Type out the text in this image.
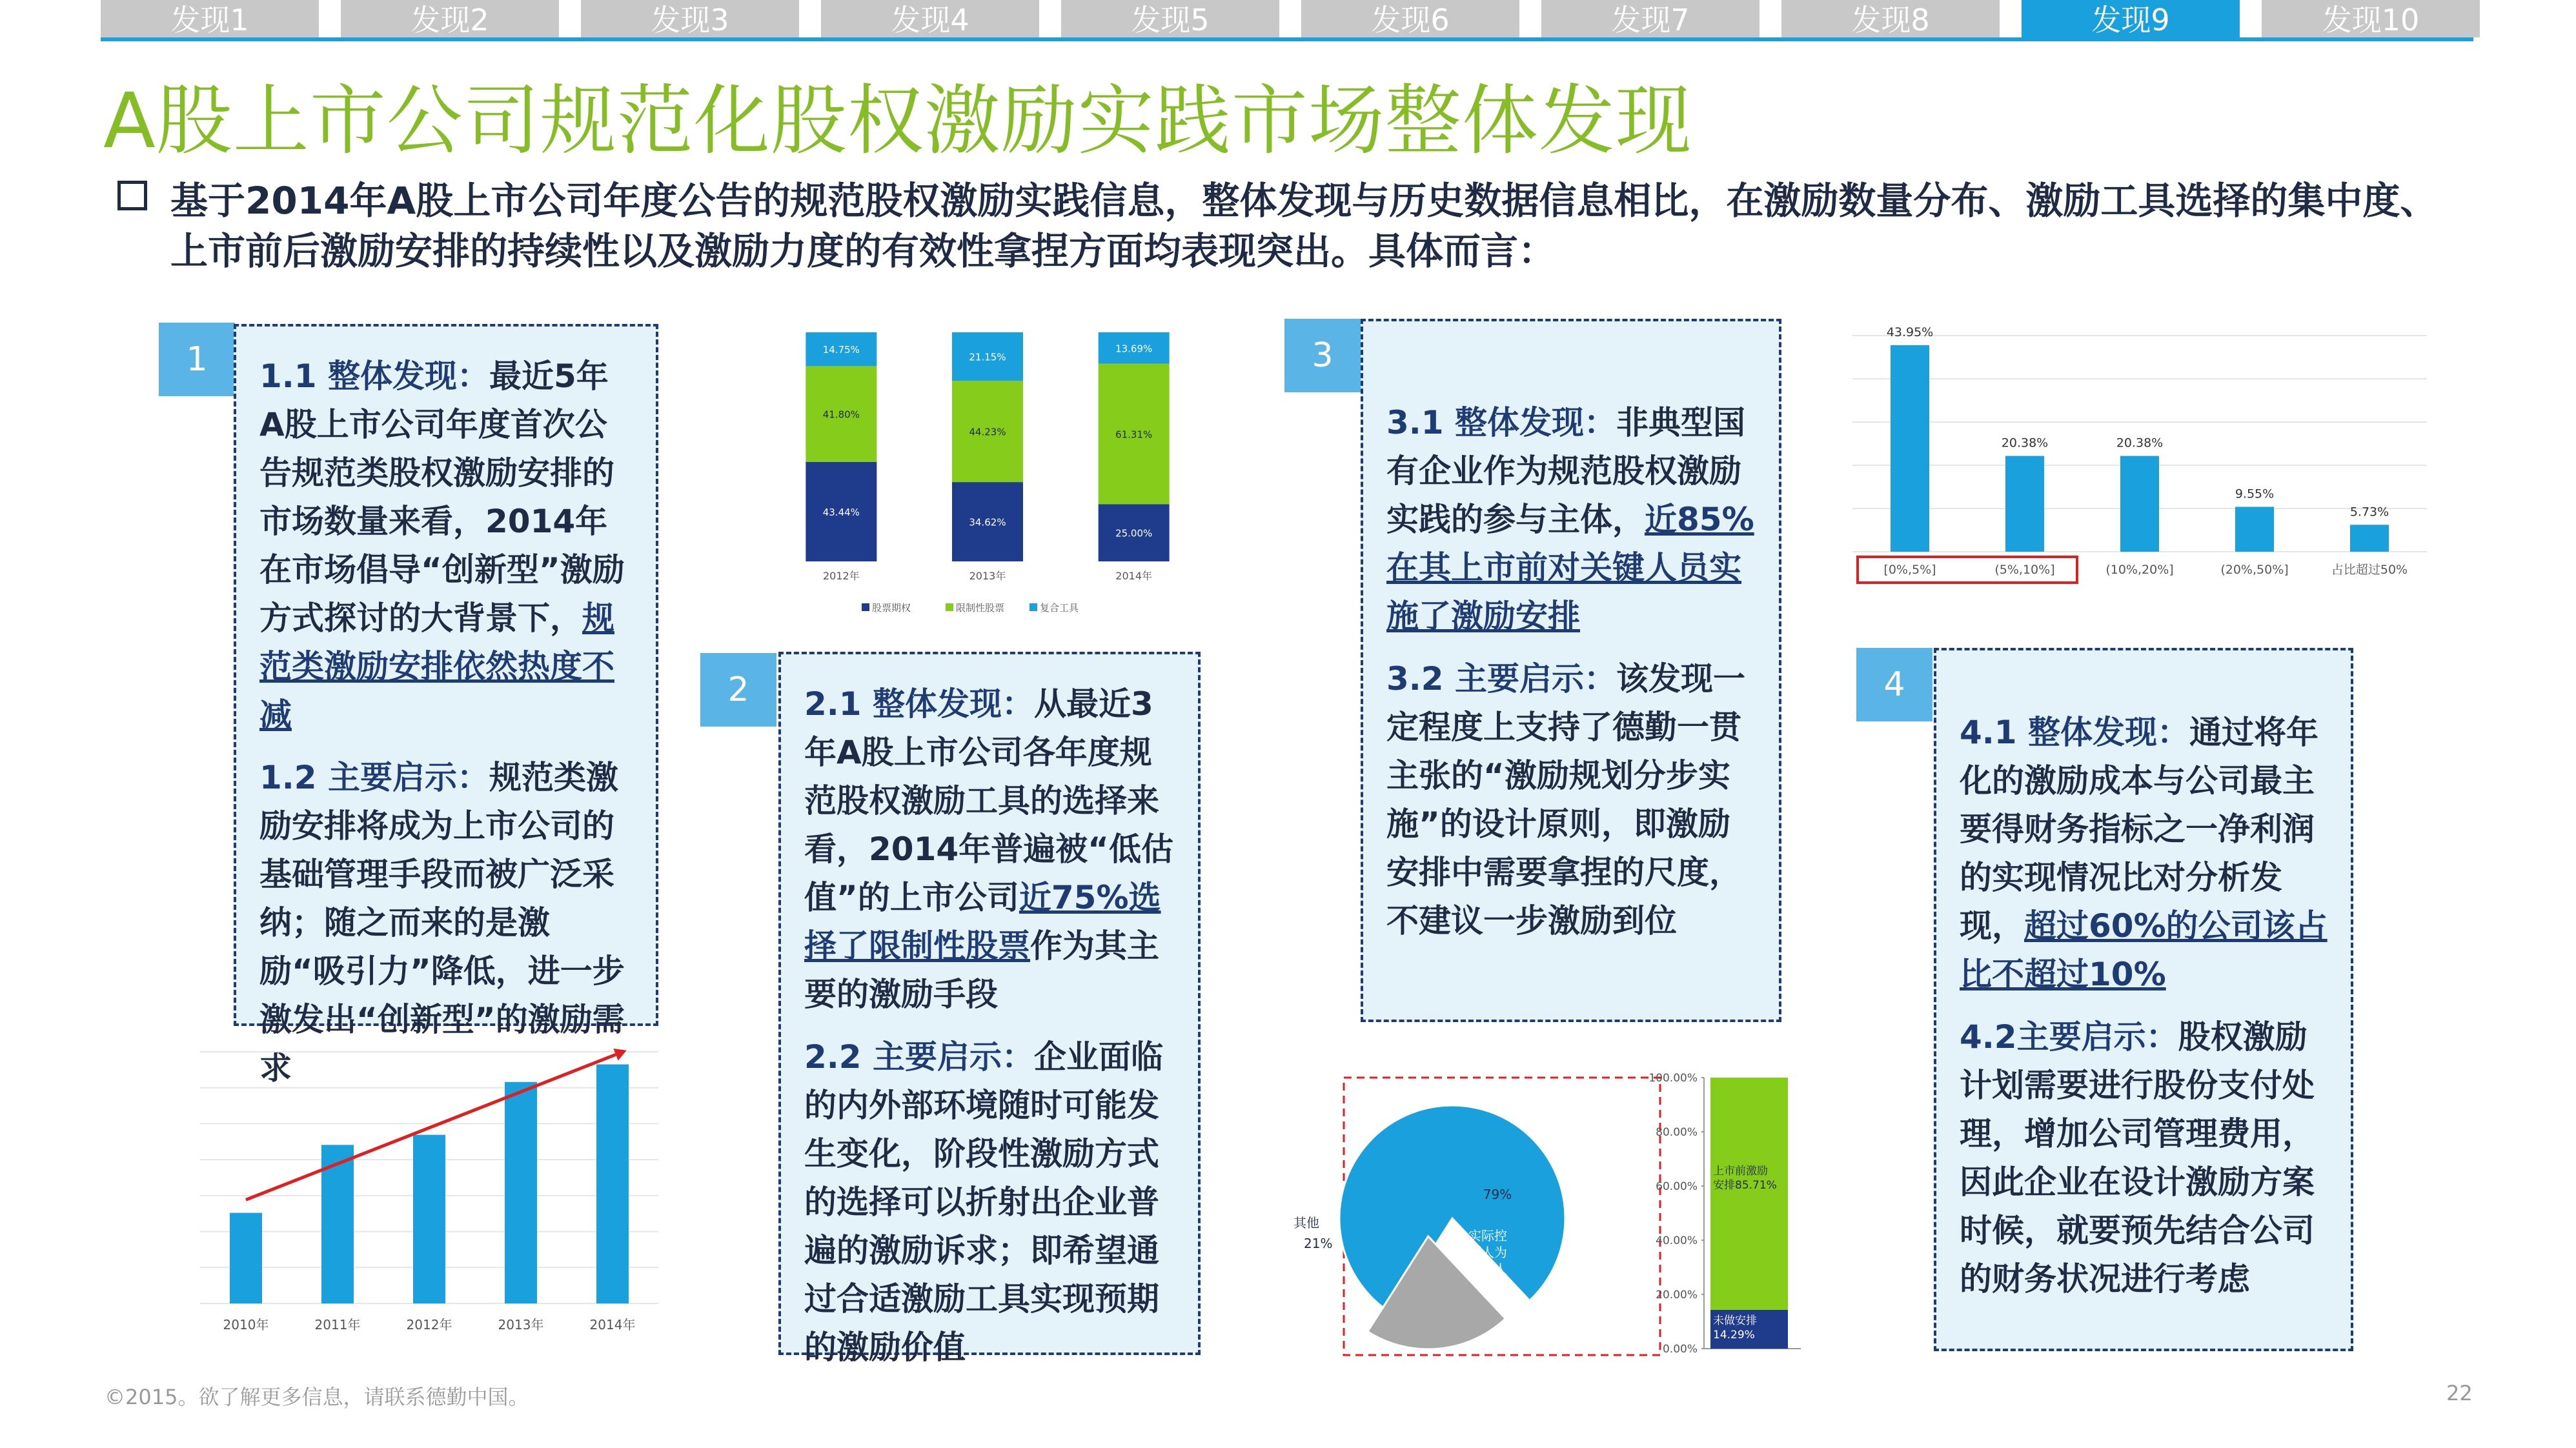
发现1	发现2	发现3	发现4	发现5	发现6	发现7	发现8	发现9	发现10
A股上市公司规范化股权激励实践市场整体发现
基于2014年A股上市公司年度公告的规范股权激励实践信息，整体发现与历史数据信息相比，在激励数量分布、激励工具选择的集中度、上市前后激励安排的持续性以及激励力度的有效性拿捏方面均表现突出。具体而言：
1	1.1 整体发现：最近5年A股上市公司年度首次公告规范类股权激励安排的市场数量来看，2014年在市场倡导“创新型”激励方式探讨的大背景下，规范类激励安排依然热度不减

1.2 主要启示：规范类激励安排将成为上市公司的基础管理手段而被广泛采纳；随之而来的是激励“吸引力”降低，进一步激发出“创新型”的激励需求

2	2.1 整体发现：从最近3年A股上市公司各年度规范股权激励工具的选择来看，2014年普遍被“低估值”的上市公司近75%选择了限制性股票作为其主要的激励手段

2.2 主要启示：企业面临的内外部环境随时可能发生变化，阶段性激励方式的选择可以折射出企业普遍的激励诉求；即希望通过合适激励工具实现预期的激励价值

3

3.1 整体发现：非典型国有企业作为规范股权激励实践的参与主体，近85%在其上市前对关键人员实施了激励安排

3.2 主要启示：该发现一定程度上支持了德勤一贯主张的“激励规划分步实施”的设计原则，即激励安排中需要拿捏的尺度，不建议一步激励到位

4

4.1 整体发现：通过将年化的激励成本与公司最主要得财务指标之一净利润的实现情况比对分析发现，超过60%的公司该占比不超过10%

4.2主要启示：股权激励计划需要进行股份支付处理，增加公司管理费用，因此企业在设计激励方案时候，就要预先结合公司的财务状况进行考虑

2010年	2011年	2012年	2013年	2014年
43.44%
41.80%
14.75%
2012年
34.62%
44.23%
21.15%
2013年
25.00%
61.31%
13.69%
2014年
股票期权	限制性股票	复合工具
43.95%
[0%,5%]
20.38%
(5%,10%]
20.38%
(10%,20%]
9.55%
(20%,50%]
5.73%
占比超过50%
79%
实际控
制人为
自然人
其他
21%
0.00%
20.00%
40.00%
60.00%
80.00%
100.00%
未做安排
14.29%
上市前激励
安排85.71%
©2015。欲了解更多信息，请联系德勤中国。	22
